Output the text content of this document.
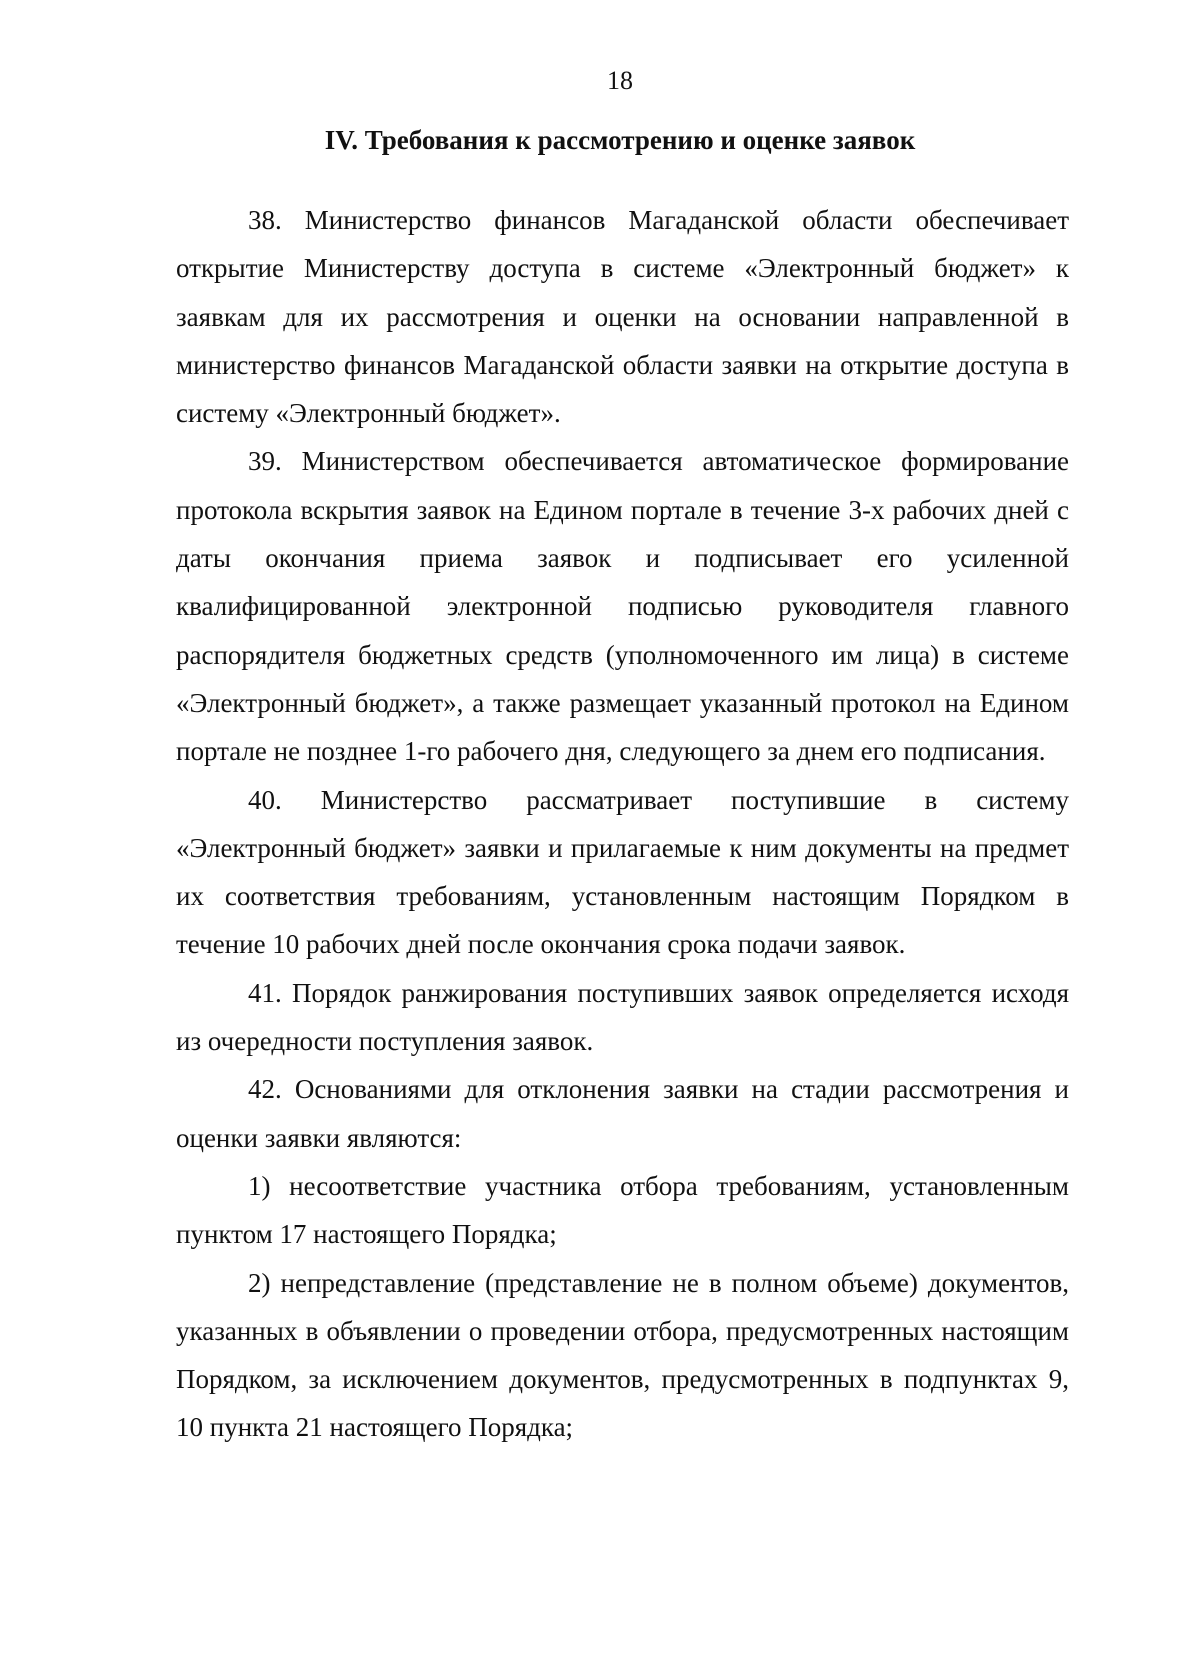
18
IV. Требования к рассмотрению и оценке заявок

38. Министерство финансов Магаданской области обеспечивает открытие Министерству доступа в системе «Электронный бюджет» к заявкам для их рассмотрения и оценки на основании направленной в министерство финансов Магаданской области заявки на открытие доступа в систему «Электронный бюджет».

39. Министерством обеспечивается автоматическое формирование протокола вскрытия заявок на Едином портале в течение 3-х рабочих дней с даты окончания приема заявок и подписывает его усиленной квалифицированной электронной подписью руководителя главного распорядителя бюджетных средств (уполномоченного им лица) в системе «Электронный бюджет», а также размещает указанный протокол на Едином портале не позднее 1-го рабочего дня, следующего за днем его подписания.

40. Министерство рассматривает поступившие в систему «Электронный бюджет» заявки и прилагаемые к ним документы на предмет их соответствия требованиям, установленным настоящим Порядком в течение 10 рабочих дней после окончания срока подачи заявок.

41. Порядок ранжирования поступивших заявок определяется исходя из очередности поступления заявок.

42. Основаниями для отклонения заявки на стадии рассмотрения и оценки заявки являются:

1) несоответствие участника отбора требованиям, установленным пунктом 17 настоящего Порядка;

2) непредставление (представление не в полном объеме) документов, указанных в объявлении о проведении отбора, предусмотренных настоящим Порядком, за исключением документов, предусмотренных в подпунктах 9, 10 пункта 21 настоящего Порядка;
